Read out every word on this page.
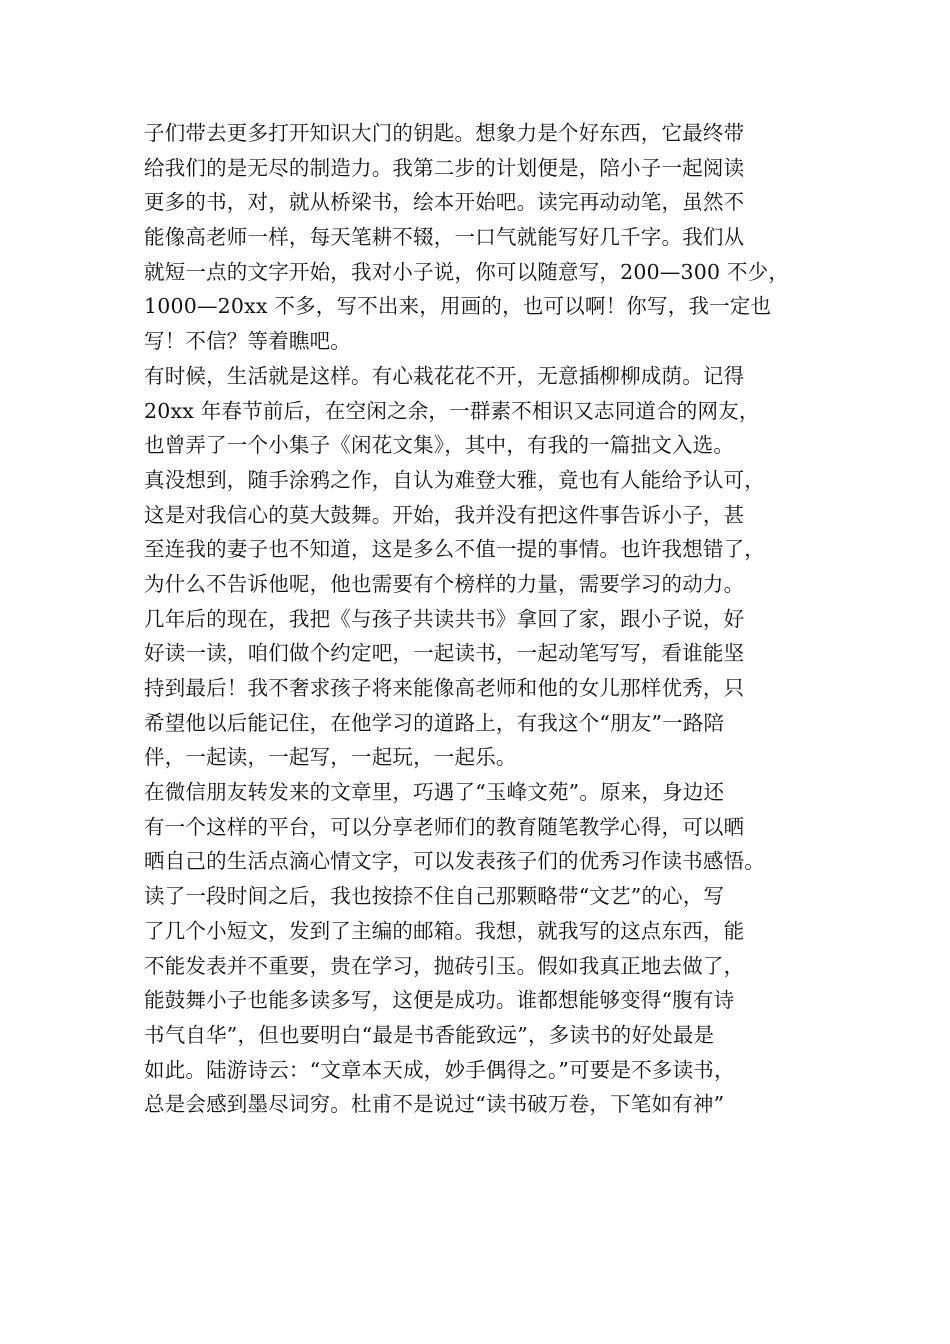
子们带去更多打开知识大门的钥匙。想象力是个好东西，它最终带
给我们的是无尽的制造力。我第二步的计划便是，陪小子一起阅读
更多的书，对，就从桥梁书，绘本开始吧。读完再动动笔，虽然不
能像高老师一样，每天笔耕不辍，一口气就能写好几千字。我们从
就短一点的文字开始，我对小子说，你可以随意写，200—300 不少，
1000—20xx 不多，写不出来，用画的，也可以啊！你写，我一定也
写！不信？等着瞧吧。
有时候，生活就是这样。有心栽花花不开，无意插柳柳成荫。记得
20xx 年春节前后，在空闲之余，一群素不相识又志同道合的网友，
也曾弄了一个小集子《闲花文集》，其中，有我的一篇拙文入选。
真没想到，随手涂鸦之作，自认为难登大雅，竟也有人能给予认可，
这是对我信心的莫大鼓舞。开始，我并没有把这件事告诉小子，甚
至连我的妻子也不知道，这是多么不值一提的事情。也许我想错了，
为什么不告诉他呢，他也需要有个榜样的力量，需要学习的动力。
几年后的现在，我把《与孩子共读共书》拿回了家，跟小子说，好
好读一读，咱们做个约定吧，一起读书，一起动笔写写，看谁能坚
持到最后！我不奢求孩子将来能像高老师和他的女儿那样优秀，只
希望他以后能记住，在他学习的道路上，有我这个“朋友”一路陪
伴，一起读，一起写，一起玩，一起乐。
在微信朋友转发来的文章里，巧遇了“玉峰文苑”。原来，身边还
有一个这样的平台，可以分享老师们的教育随笔教学心得，可以晒
晒自己的生活点滴心情文字，可以发表孩子们的优秀习作读书感悟。
读了一段时间之后，我也按捺不住自己那颗略带“文艺”的心，写
了几个小短文，发到了主编的邮箱。我想，就我写的这点东西，能
不能发表并不重要，贵在学习，抛砖引玉。假如我真正地去做了，
能鼓舞小子也能多读多写，这便是成功。谁都想能够变得“腹有诗
书气自华”，但也要明白“最是书香能致远”，多读书的好处最是
如此。陆游诗云：“文章本天成，妙手偶得之。”可要是不多读书，
总是会感到墨尽词穷。杜甫不是说过“读书破万卷，下笔如有神”
